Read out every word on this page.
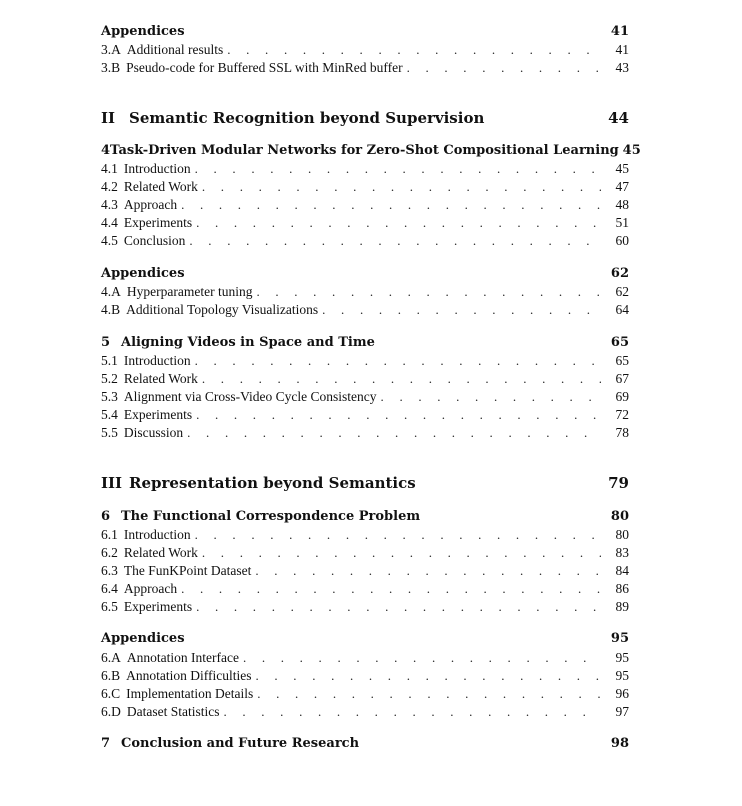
Appendices	41
3.A Additional results . . .	41
3.B Pseudo-code for Buffered SSL with MinRed buffer . . .	43
II Semantic Recognition beyond Supervision	44
4 Task-Driven Modular Networks for Zero-Shot Compositional Learning 45
4.1 Introduction . . .	45
4.2 Related Work . . .	47
4.3 Approach . . .	48
4.4 Experiments . . .	51
4.5 Conclusion . . .	60
Appendices	62
4.A Hyperparameter tuning . . .	62
4.B Additional Topology Visualizations . . .	64
5 Aligning Videos in Space and Time	65
5.1 Introduction . . .	65
5.2 Related Work . . .	67
5.3 Alignment via Cross-Video Cycle Consistency . . .	69
5.4 Experiments . . .	72
5.5 Discussion . . .	78
III Representation beyond Semantics	79
6 The Functional Correspondence Problem	80
6.1 Introduction . . .	80
6.2 Related Work . . .	83
6.3 The FunKPoint Dataset . . .	84
6.4 Approach . . .	86
6.5 Experiments . . .	89
Appendices	95
6.A Annotation Interface . . .	95
6.B Annotation Difficulties . . .	95
6.C Implementation Details . . .	96
6.D Dataset Statistics . . .	97
7 Conclusion and Future Research	98
